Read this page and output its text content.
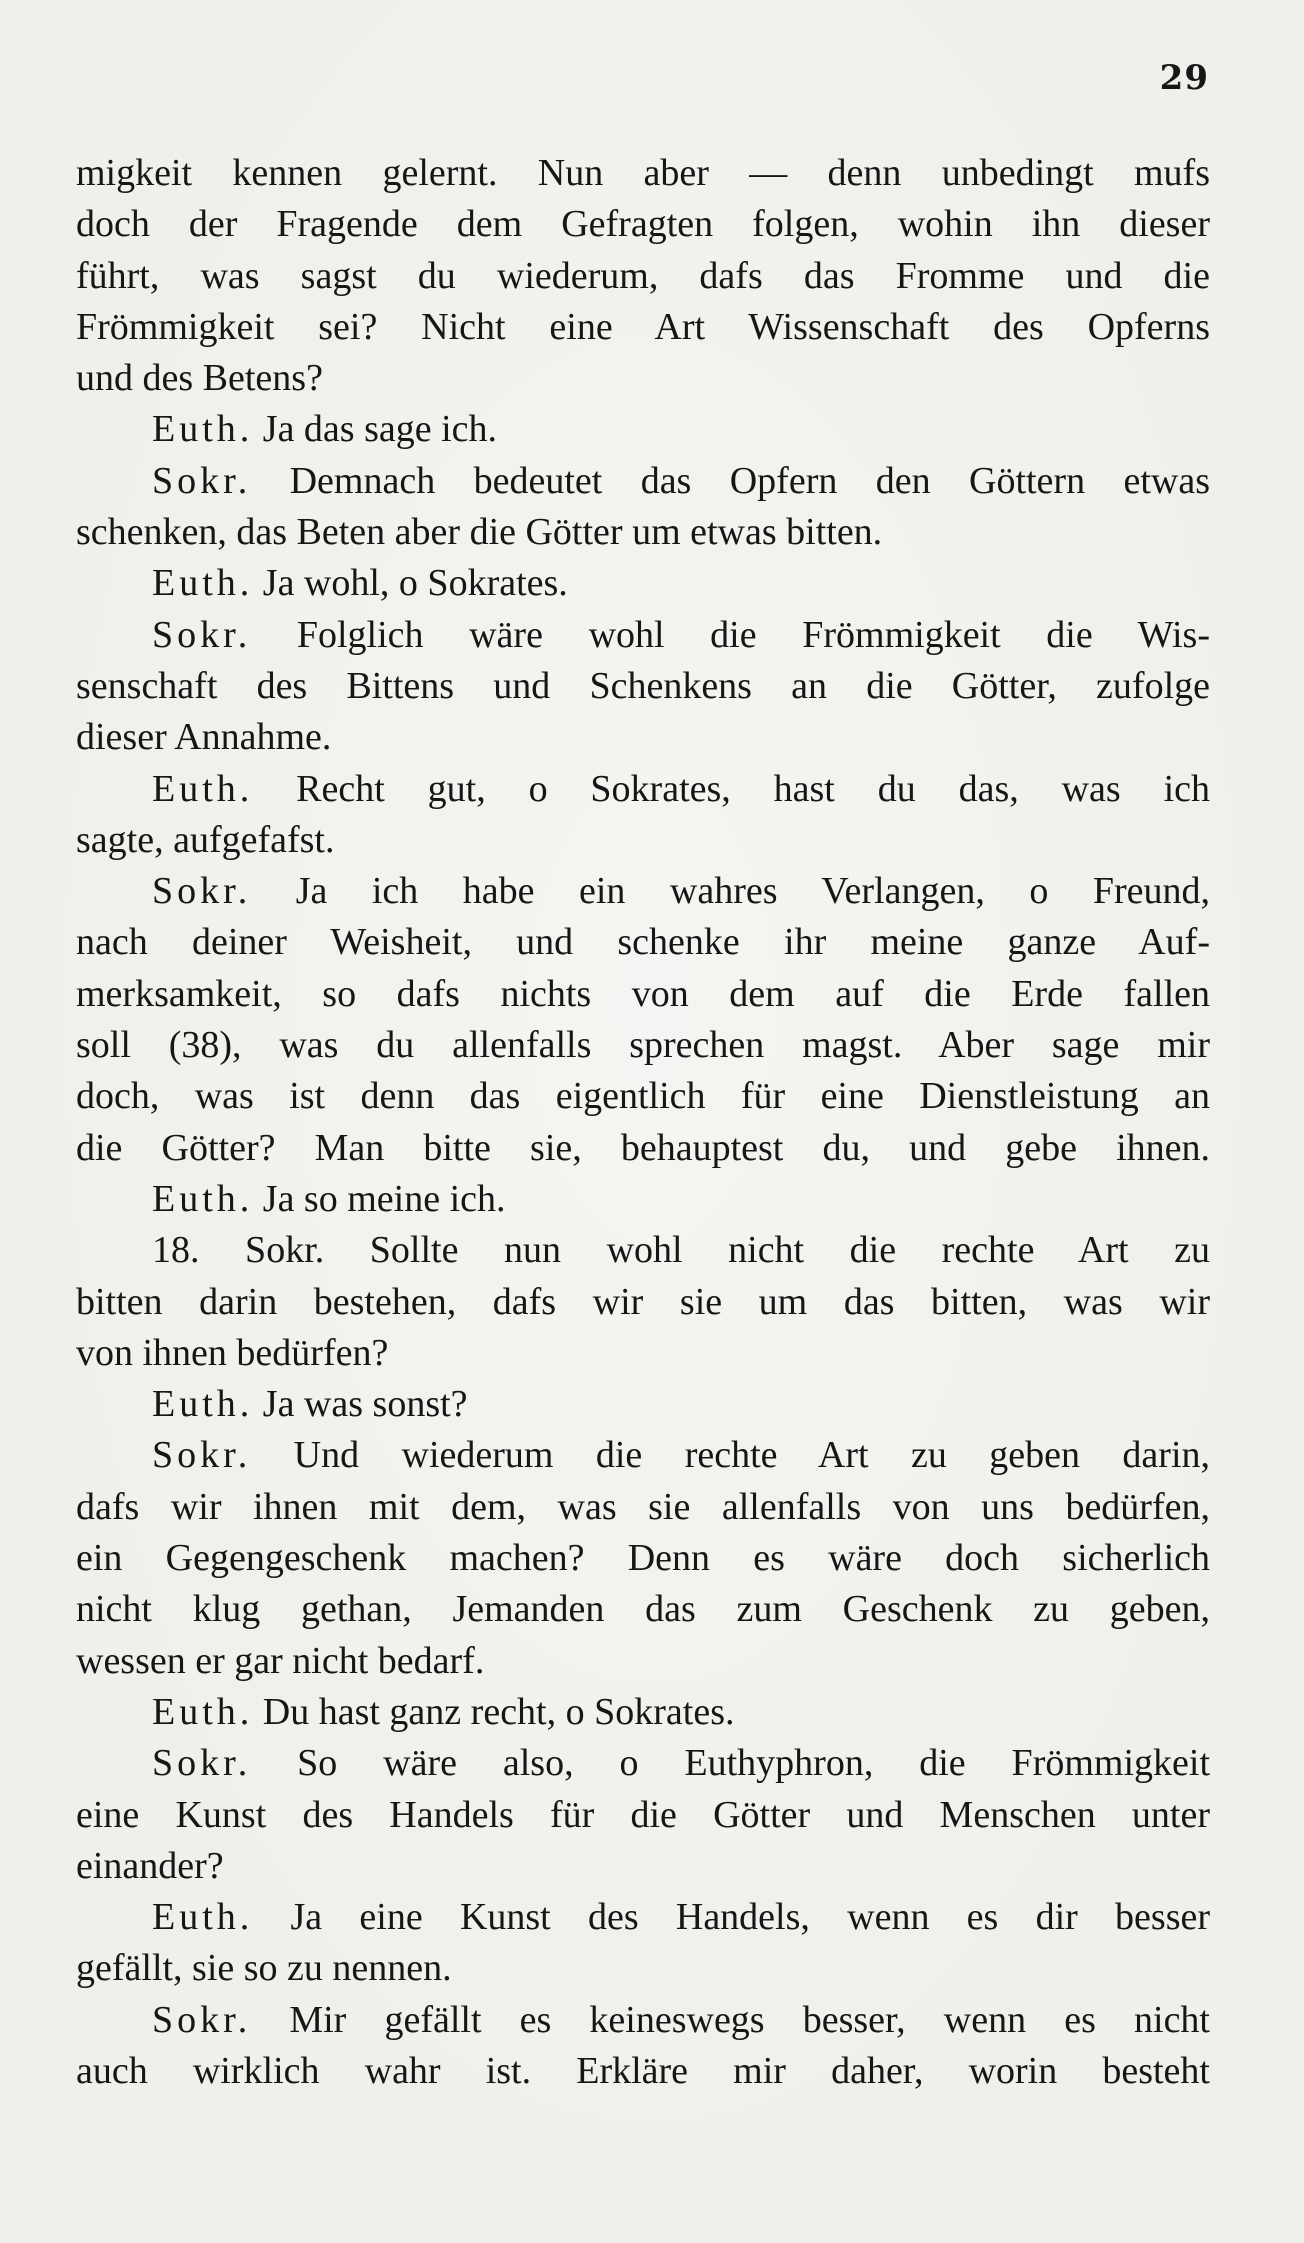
29
migkeit kennen gelernt. Nun aber — denn unbedingt mufs
doch der Fragende dem Gefragten folgen, wohin ihn dieser
führt, was sagst du wiederum, dafs das Fromme und die
Frömmigkeit sei? Nicht eine Art Wissenschaft des Opferns
und des Betens?
Euth. Ja das sage ich.
Sokr. Demnach bedeutet das Opfern den Göttern etwas
schenken, das Beten aber die Götter um etwas bitten.
Euth. Ja wohl, o Sokrates.
Sokr. Folglich wäre wohl die Frömmigkeit die Wis-
senschaft des Bittens und Schenkens an die Götter, zufolge
dieser Annahme.
Euth. Recht gut, o Sokrates, hast du das, was ich
sagte, aufgefafst.
Sokr. Ja ich habe ein wahres Verlangen, o Freund,
nach deiner Weisheit, und schenke ihr meine ganze Auf-
merksamkeit, so dafs nichts von dem auf die Erde fallen
soll (38), was du allenfalls sprechen magst. Aber sage mir
doch, was ist denn das eigentlich für eine Dienstleistung an
die Götter? Man bitte sie, behauptest du, und gebe ihnen.
Euth. Ja so meine ich.
18. Sokr. Sollte nun wohl nicht die rechte Art zu
bitten darin bestehen, dafs wir sie um das bitten, was wir
von ihnen bedürfen?
Euth. Ja was sonst?
Sokr. Und wiederum die rechte Art zu geben darin,
dafs wir ihnen mit dem, was sie allenfalls von uns bedürfen,
ein Gegengeschenk machen? Denn es wäre doch sicherlich
nicht klug gethan, Jemanden das zum Geschenk zu geben,
wessen er gar nicht bedarf.
Euth. Du hast ganz recht, o Sokrates.
Sokr. So wäre also, o Euthyphron, die Frömmigkeit
eine Kunst des Handels für die Götter und Menschen unter
einander?
Euth. Ja eine Kunst des Handels, wenn es dir besser
gefällt, sie so zu nennen.
Sokr. Mir gefällt es keineswegs besser, wenn es nicht
auch wirklich wahr ist. Erkläre mir daher, worin besteht
